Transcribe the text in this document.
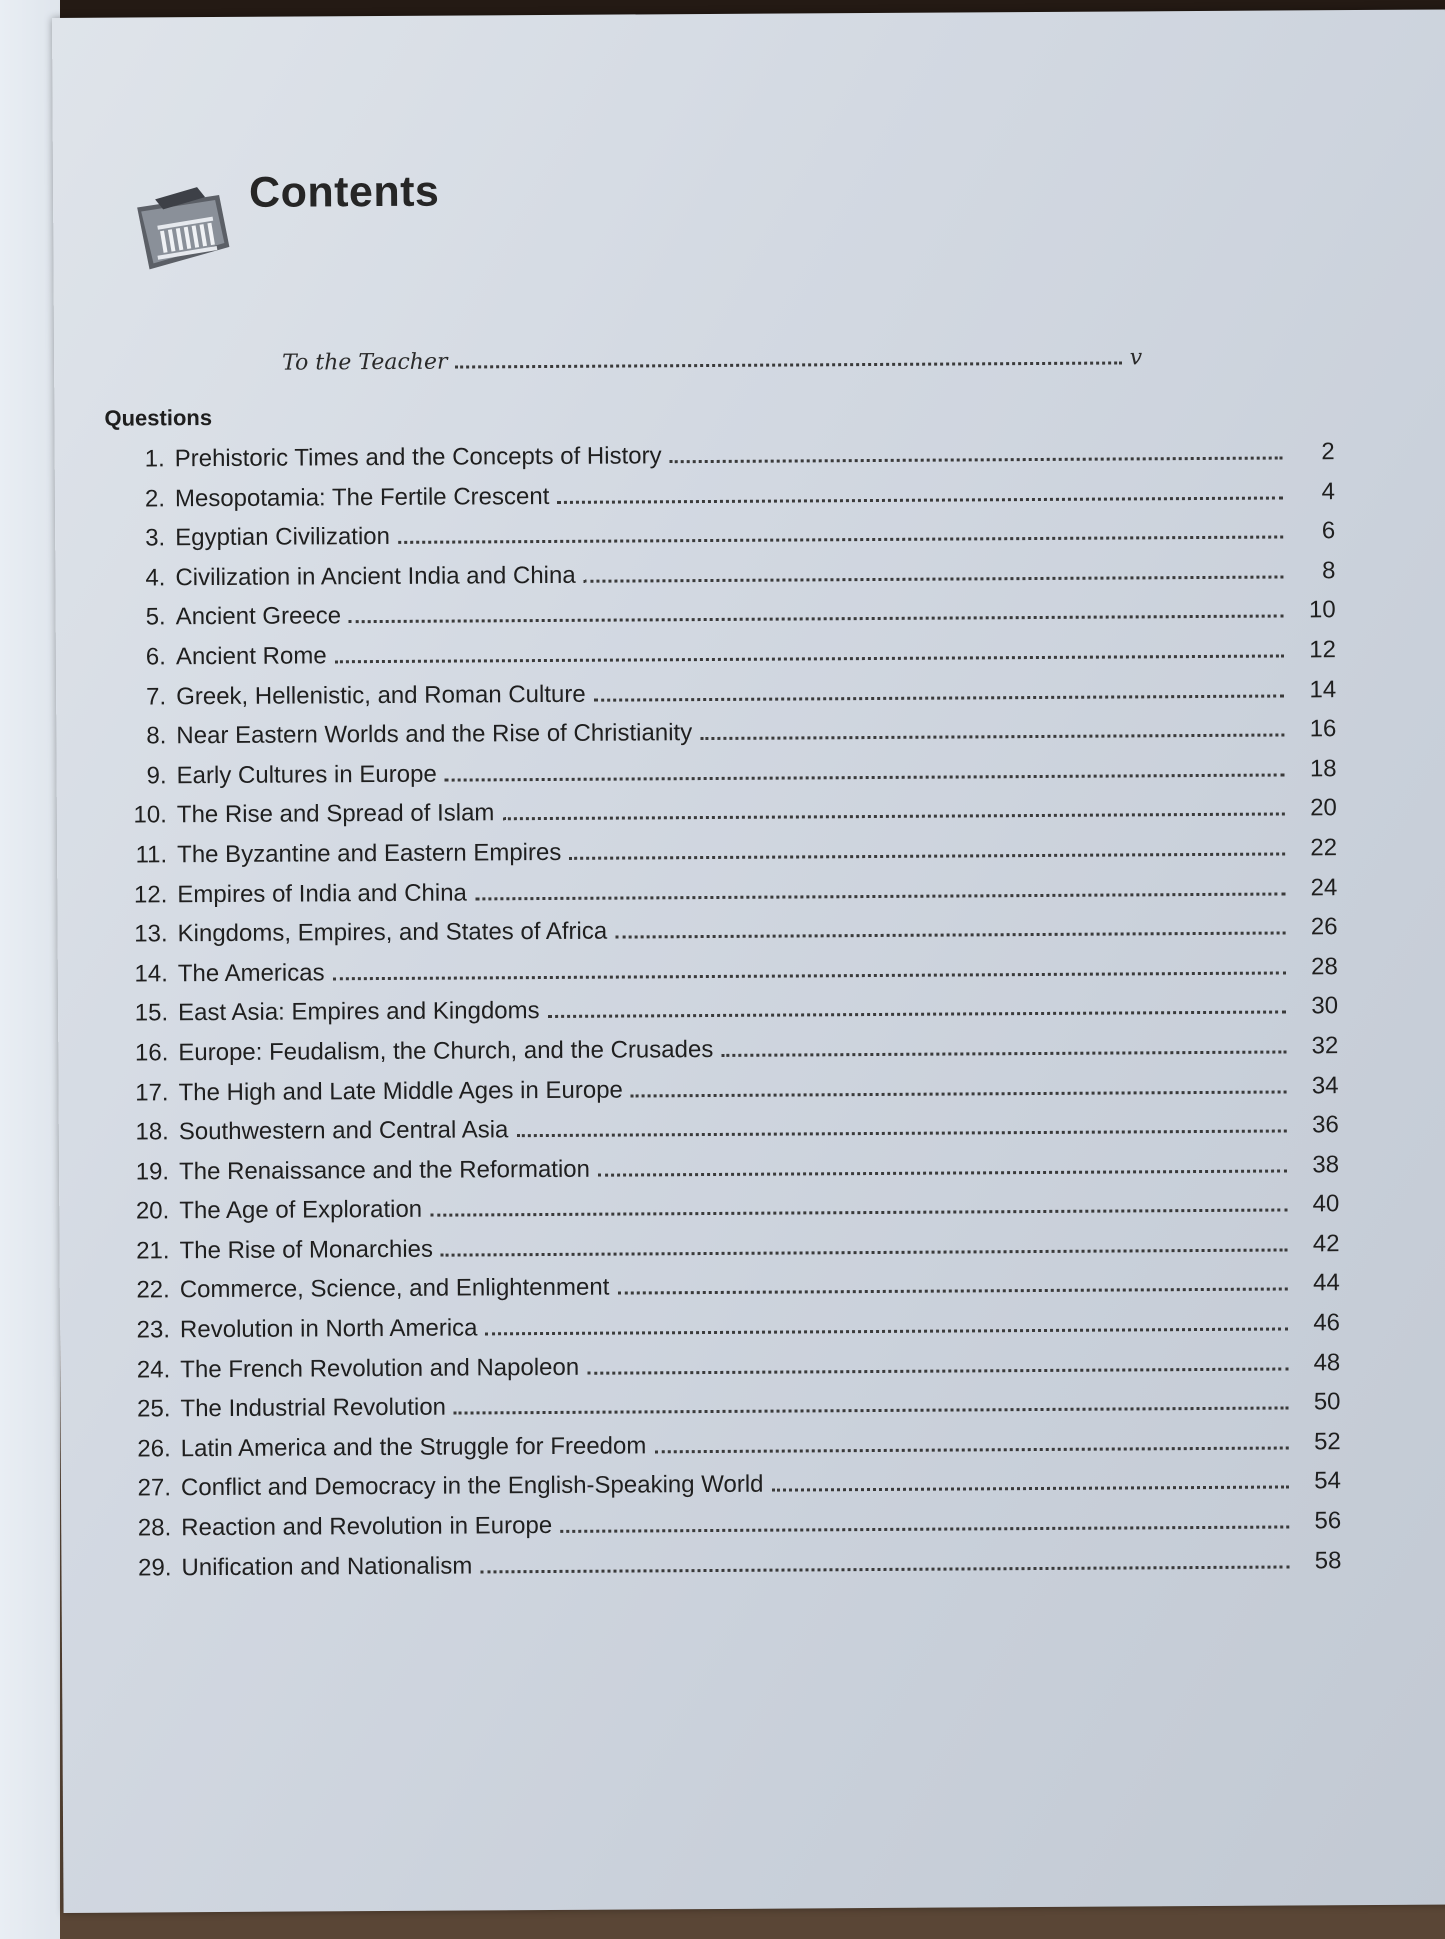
Contents
To the Teacher	v
Questions
1. Prehistoric Times and the Concepts of History	2
2. Mesopotamia: The Fertile Crescent	4
3. Egyptian Civilization	6
4. Civilization in Ancient India and China	8
5. Ancient Greece	10
6. Ancient Rome	12
7. Greek, Hellenistic, and Roman Culture	14
8. Near Eastern Worlds and the Rise of Christianity	16
9. Early Cultures in Europe	18
10. The Rise and Spread of Islam	20
11. The Byzantine and Eastern Empires	22
12. Empires of India and China	24
13. Kingdoms, Empires, and States of Africa	26
14. The Americas	28
15. East Asia: Empires and Kingdoms	30
16. Europe: Feudalism, the Church, and the Crusades	32
17. The High and Late Middle Ages in Europe	34
18. Southwestern and Central Asia	36
19. The Renaissance and the Reformation	38
20. The Age of Exploration	40
21. The Rise of Monarchies	42
22. Commerce, Science, and Enlightenment	44
23. Revolution in North America	46
24. The French Revolution and Napoleon	48
25. The Industrial Revolution	50
26. Latin America and the Struggle for Freedom	52
27. Conflict and Democracy in the English-Speaking World	54
28. Reaction and Revolution in Europe	56
29. Unification and Nationalism	58
